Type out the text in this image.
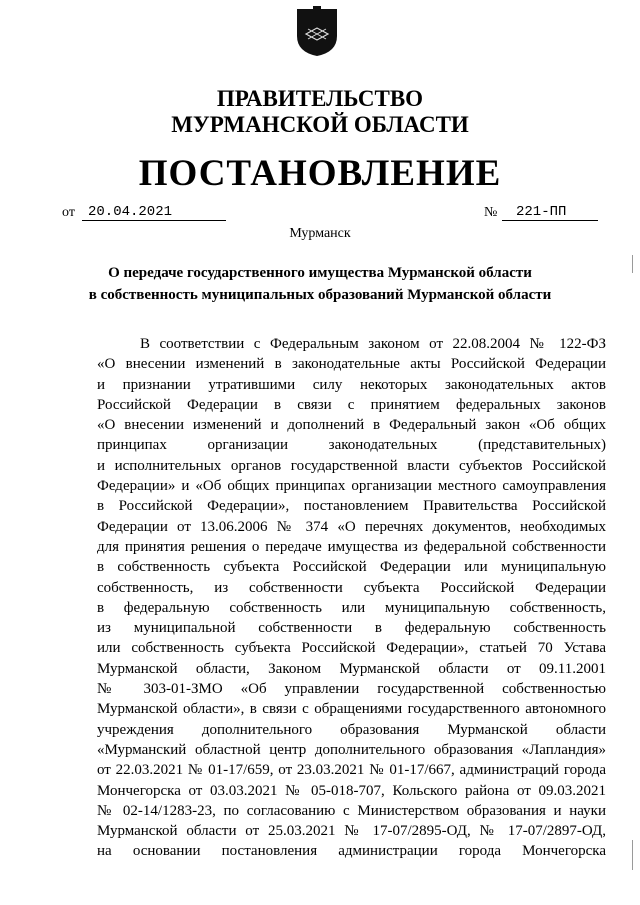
ПРАВИТЕЛЬСТВО
МУРМАНСКОЙ ОБЛАСТИ
ПОСТАНОВЛЕНИЕ
от 20.04.2021	№	221-ПП
Мурманск
О передаче государственного имущества Мурманской области
в собственность муниципальных образований Мурманской области
В соответствии с Федеральным законом от 22.08.2004 № 122-ФЗ
«О внесении изменений в законодательные акты Российской Федерации
и признании утратившими силу некоторых законодательных актов
Российской Федерации в связи с принятием федеральных законов
«О внесении изменений и дополнений в Федеральный закон «Об общих
принципах организации законодательных (представительных)
и исполнительных органов государственной власти субъектов Российской
Федерации» и «Об общих принципах организации местного самоуправления
в Российской Федерации», постановлением Правительства Российской
Федерации от 13.06.2006 № 374 «О перечнях документов, необходимых
для принятия решения о передаче имущества из федеральной собственности
в собственность субъекта Российской Федерации или муниципальную
собственность, из собственности субъекта Российской Федерации
в федеральную собственность или муниципальную собственность,
из муниципальной собственности в федеральную собственность
или собственность субъекта Российской Федерации», статьей 70 Устава
Мурманской области, Законом Мурманской области от 09.11.2001
№ 303-01-ЗМО «Об управлении государственной собственностью
Мурманской области», в связи с обращениями государственного автономного
учреждения дополнительного образования Мурманской области
«Мурманский областной центр дополнительного образования «Лапландия»
от 22.03.2021 № 01-17/659, от 23.03.2021 № 01-17/667, администраций города
Мончегорска от 03.03.2021 № 05-018-707, Кольского района от 09.03.2021
№ 02-14/1283-23, по согласованию с Министерством образования и науки
Мурманской области от 25.03.2021 № 17-07/2895-ОД, № 17-07/2897-ОД,
на основании постановления администрации города Мончегорска
